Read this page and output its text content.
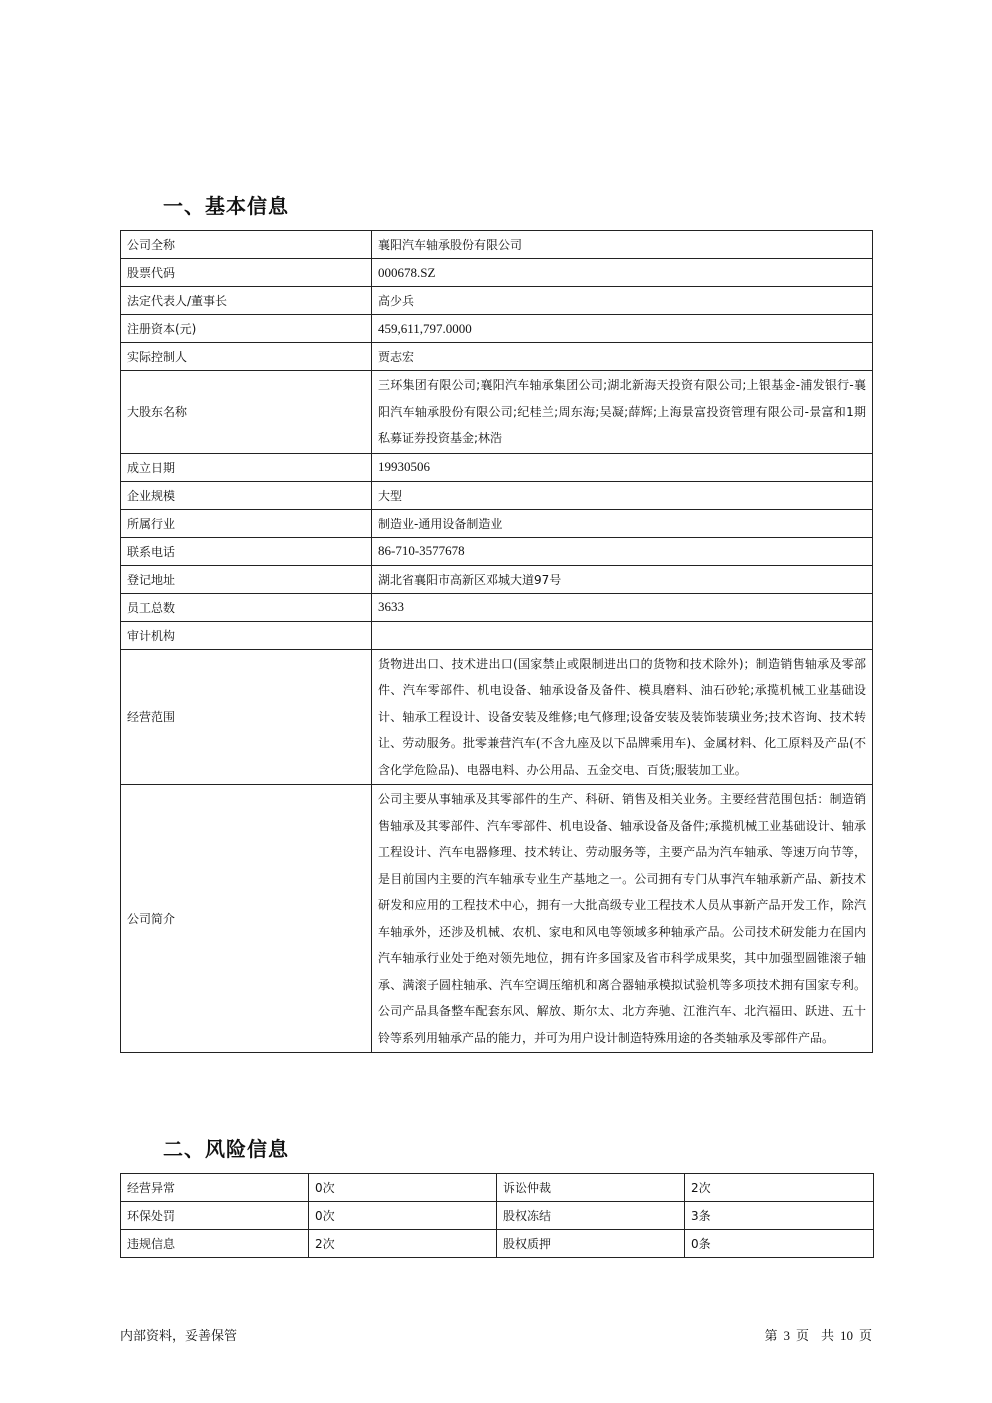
一、基本信息
公司全称	襄阳汽车轴承股份有限公司
股票代码	000678.SZ
法定代表人/董事长	高少兵
注册资本(元)	459,611,797.0000
实际控制人	贾志宏
大股东名称	三环集团有限公司;襄阳汽车轴承集团公司;湖北新海天投资有限公司;上银基金-浦发银行-襄阳汽车轴承股份有限公司;纪桂兰;周东海;吴凝;薛辉;上海景富投资管理有限公司-景富和1期私募证券投资基金;林浩
成立日期	19930506
企业规模	大型
所属行业	制造业-通用设备制造业
联系电话	86-710-3577678
登记地址	湖北省襄阳市高新区邓城大道97号
员工总数	3633
审计机构	
经营范围	货物进出口、技术进出口(国家禁止或限制进出口的货物和技术除外)；制造销售轴承及零部件、汽车零部件、机电设备、轴承设备及备件、模具磨料、油石砂轮;承揽机械工业基础设计、轴承工程设计、设备安装及维修;电气修理;设备安装及装饰装璜业务;技术咨询、技术转让、劳动服务。批零兼营汽车(不含九座及以下品牌乘用车)、金属材料、化工原料及产品(不含化学危险品)、电器电料、办公用品、五金交电、百货;服装加工业。
公司简介	公司主要从事轴承及其零部件的生产、科研、销售及相关业务。主要经营范围包括：制造销售轴承及其零部件、汽车零部件、机电设备、轴承设备及备件;承揽机械工业基础设计、轴承工程设计、汽车电器修理、技术转让、劳动服务等，主要产品为汽车轴承、等速万向节等，是目前国内主要的汽车轴承专业生产基地之一。公司拥有专门从事汽车轴承新产品、新技术研发和应用的工程技术中心，拥有一大批高级专业工程技术人员从事新产品开发工作，除汽车轴承外，还涉及机械、农机、家电和风电等领域多种轴承产品。公司技术研发能力在国内汽车轴承行业处于绝对领先地位，拥有许多国家及省市科学成果奖，其中加强型圆锥滚子轴承、满滚子圆柱轴承、汽车空调压缩机和离合器轴承模拟试验机等多项技术拥有国家专利。公司产品具备整车配套东风、解放、斯尔太、北方奔驰、江淮汽车、北汽福田、跃进、五十铃等系列用轴承产品的能力，并可为用户设计制造特殊用途的各类轴承及零部件产品。
二、风险信息
经营异常	0次	诉讼仲裁	2次
环保处罚	0次	股权冻结	3条
违规信息	2次	股权质押	0条
内部资料，妥善保管	第 3 页 共 10 页
